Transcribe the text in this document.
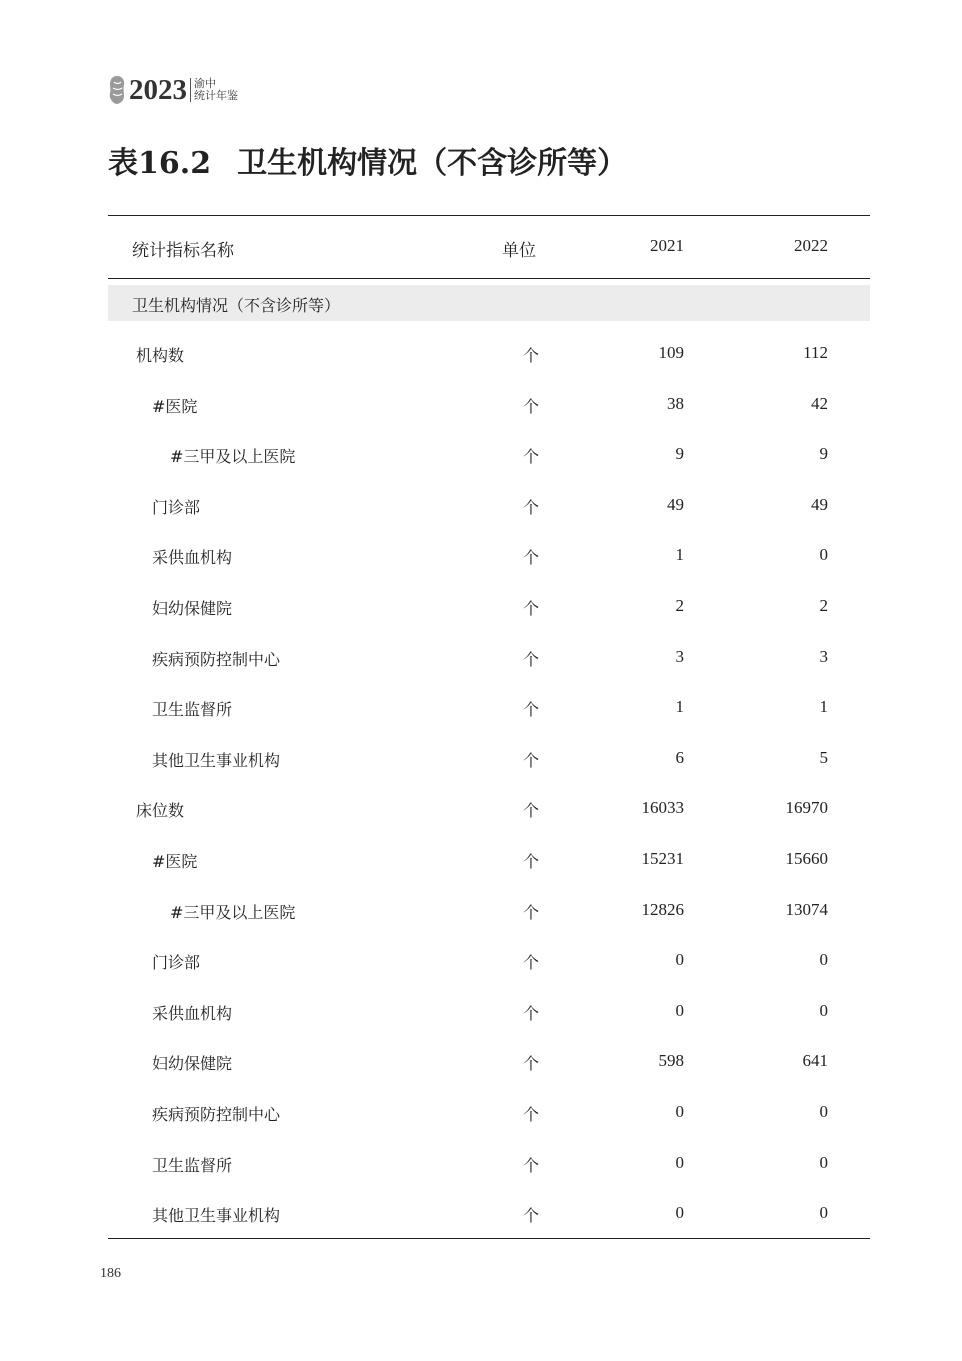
2023 渝中
统计年鉴
表16.2 卫生机构情况（不含诊所等）
统计指标名称	单位	2021	2022
卫生机构情况（不含诊所等）
机构数	个	109	112
#医院	个	38	42
#三甲及以上医院	个	9	9
门诊部	个	49	49
采供血机构	个	1	0
妇幼保健院	个	2	2
疾病预防控制中心	个	3	3
卫生监督所	个	1	1
其他卫生事业机构	个	6	5
床位数	个	16033	16970
#医院	个	15231	15660
#三甲及以上医院	个	12826	13074
门诊部	个	0	0
采供血机构	个	0	0
妇幼保健院	个	598	641
疾病预防控制中心	个	0	0
卫生监督所	个	0	0
其他卫生事业机构	个	0	0
186
